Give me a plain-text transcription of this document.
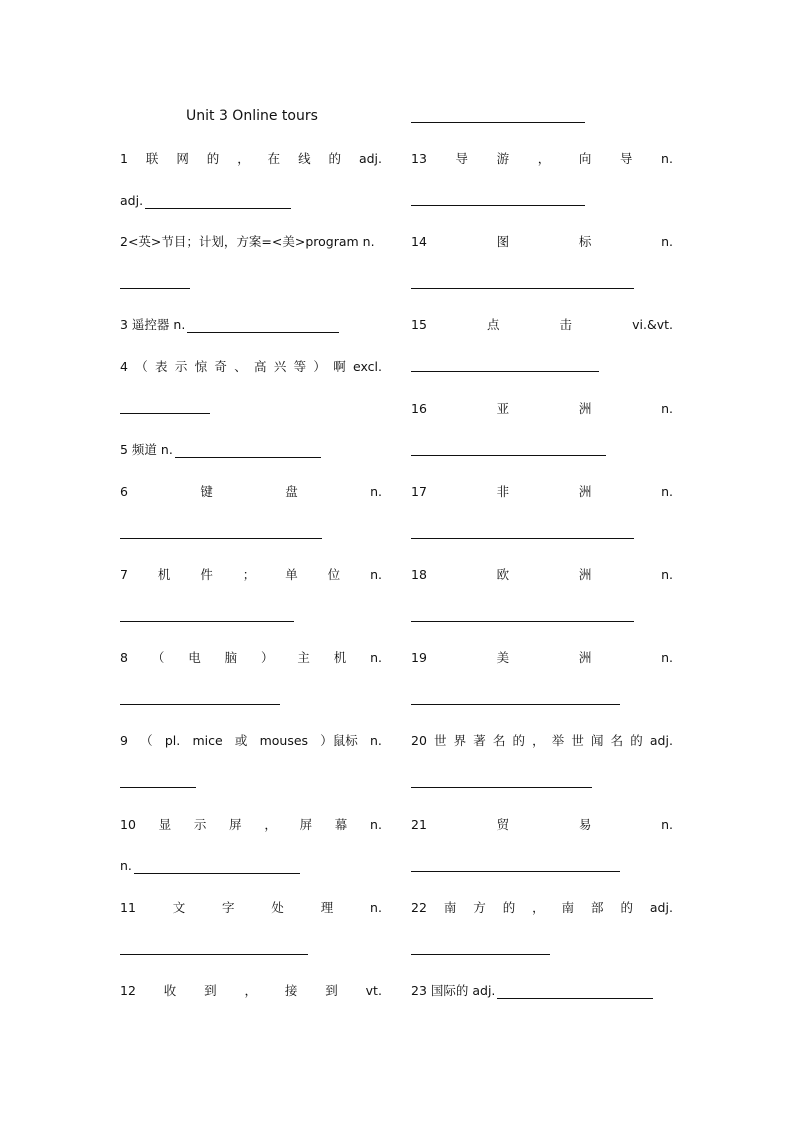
Unit 3 Online tours
1 联 网 的 ， 在 线 的 adj.
adj.
2<英>节目；计划，方案=<美>program n.
3 遥控器 n.
4 （ 表 示 惊 奇 、 高 兴 等 ） 啊 excl.
5 频道 n.
6	键	盘	n.
7 机 件 ； 单 位 n.
8 （ 电 脑 ） 主 机 n.
9 （ pl. mice 或 mouses ）鼠标 n.
10 显 示 屏 ， 屏 幕 n.
n.
11	文	字	处	理	n.
12 收 到 ， 接 到 vt.
13 导 游 ， 向 导 n.
14	图	标	n.
15	点	击	vi.&vt.
16	亚	洲	n.
17	非	洲	n.
18	欧	洲	n.
19	美	洲	n.
20 世 界 著 名 的 ， 举 世 闻 名 的 adj.
21	贸	易	n.
22 南 方 的 ， 南 部 的 adj.
23 国际的 adj.
